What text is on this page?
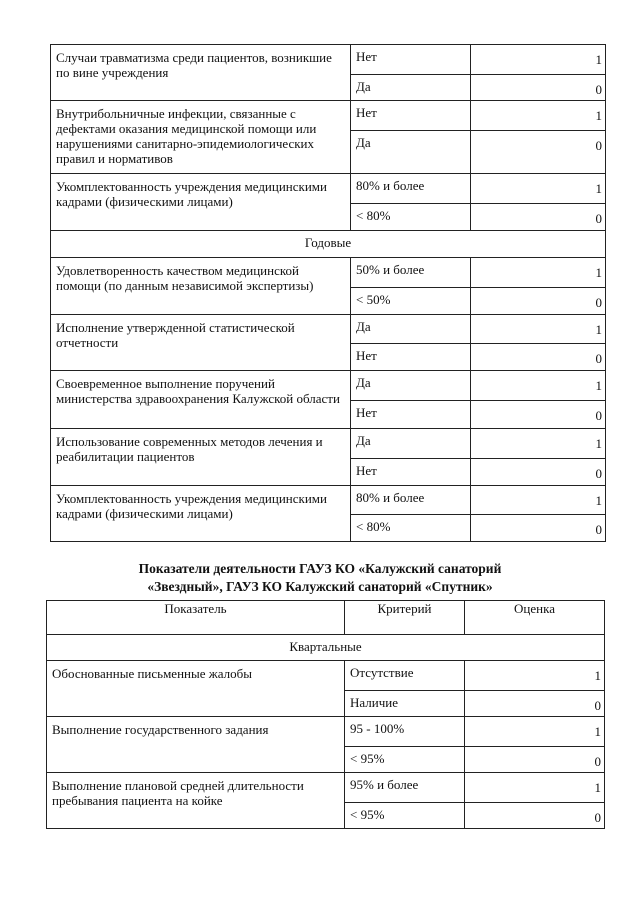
Случаи травматизма среди пациентов, возникшие по вине учреждения	Нет	1
	Да	0
Внутрибольничные инфекции, связанные с дефектами оказания медицинской помощи или нарушениями санитарно-эпидемиологических правил и нормативов	Нет	1
	Да	0
Укомплектованность учреждения медицинскими кадрами (физическими лицами)	80% и более	1
	< 80%	0
Годовые		
Удовлетворенность качеством медицинской помощи (по данным независимой экспертизы)	50% и более	1
	< 50%	0
Исполнение утвержденной статистической отчетности	Да	1
	Нет	0
Своевременное выполнение поручений министерства здравоохранения Калужской области	Да	1
	Нет	0
Использование современных методов лечения и реабилитации пациентов	Да	1
	Нет	0
Укомплектованность учреждения медицинскими кадрами (физическими лицами)	80% и более	1
	< 80%	0
Показатели деятельности ГАУЗ КО «Калужский санаторий
«Звездный», ГАУЗ КО Калужский санаторий «Спутник»
Показатель	Критерий	Оценка
Квартальные		
Обоснованные письменные жалобы	Отсутствие	1
	Наличие	0
Выполнение государственного задания	95 - 100%	1
	< 95%	0
Выполнение плановой средней длительности пребывания пациента на койке	95% и более	1
	< 95%	0
